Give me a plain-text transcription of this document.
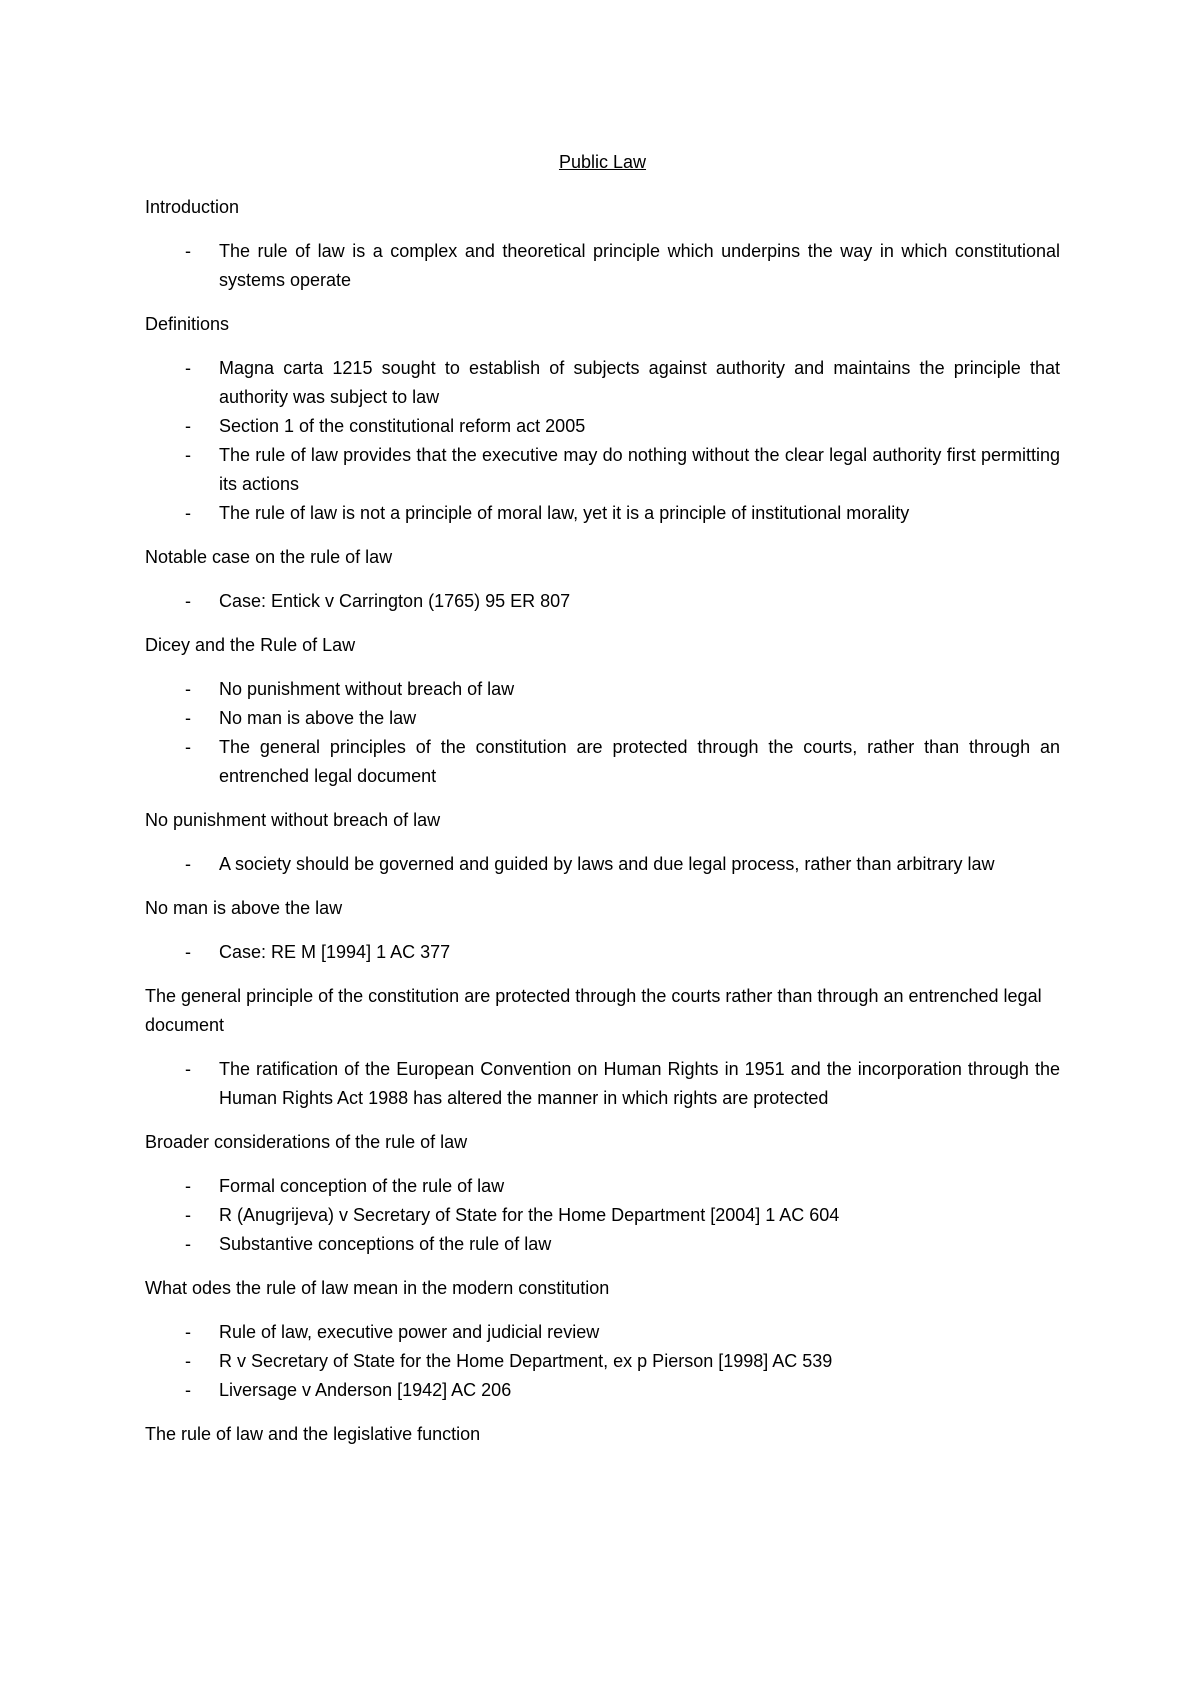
Public Law

Introduction

- The rule of law is a complex and theoretical principle which underpins the way in which constitutional systems operate

Definitions

- Magna carta 1215 sought to establish of subjects against authority and maintains the principle that authority was subject to law
- Section 1 of the constitutional reform act 2005
- The rule of law provides that the executive may do nothing without the clear legal authority first permitting its actions
- The rule of law is not a principle of moral law, yet it is a principle of institutional morality

Notable case on the rule of law

- Case: Entick v Carrington (1765) 95 ER 807

Dicey and the Rule of Law

- No punishment without breach of law
- No man is above the law
- The general principles of the constitution are protected through the courts, rather than through an entrenched legal document

No punishment without breach of law

- A society should be governed and guided by laws and due legal process, rather than arbitrary law

No man is above the law

- Case: RE M [1994] 1 AC 377

The general principle of the constitution are protected through the courts rather than through an entrenched legal document

- The ratification of the European Convention on Human Rights in 1951 and the incorporation through the Human Rights Act 1988 has altered the manner in which rights are protected

Broader considerations of the rule of law

- Formal conception of the rule of law
- R (Anugrijeva) v Secretary of State for the Home Department [2004] 1 AC 604
- Substantive conceptions of the rule of law

What odes the rule of law mean in the modern constitution

- Rule of law, executive power and judicial review
- R v Secretary of State for the Home Department, ex p Pierson [1998] AC 539
- Liversage v Anderson [1942] AC 206

The rule of law and the legislative function
